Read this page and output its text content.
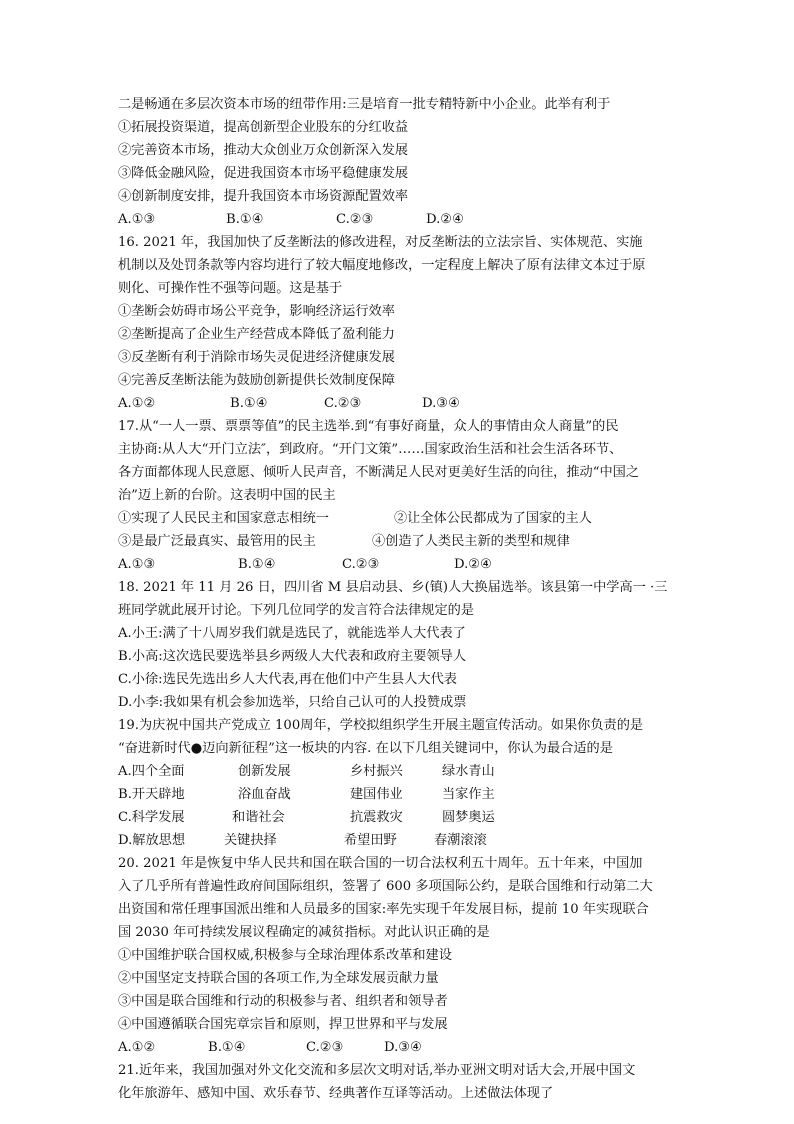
二是畅通在多层次资本市场的纽带作用:三是培育一批专精特新中小企业。此举有利于
①拓展投资渠道，提高创新型企业股东的分红收益
②完善资本市场，推动大众创业万众创新深入发展
③降低金融风险，促进我国资本市场平稳健康发展
④创新制度安排，提升我国资本市场资源配置效率
A.①③	B.①④	C.②③	D.②④
16. 2021 年，我国加快了反垄断法的修改进程，对反垄断法的立法宗旨、实体规范、实施
机制以及处罚条款等内容均进行了较大幅度地修改，一定程度上解决了原有法律文本过于原
则化、可操作性不强等问题。这是基于
①垄断会妨碍市场公平竞争，影响经济运行效率
②垄断提高了企业生产经营成本降低了盈利能力
③反垄断有利于消除市场失灵促进经济健康发展
④完善反垄断法能为鼓励创新提供长效制度保障
A.①②	B.①④	C.②③	D.③④
17.从“一人一票、票票等值”的民主选举.到“有事好商量，众人的事情由众人商量”的民
主协商:从人大“开门立法″，到政府。“开门文策”……国家政治生活和社会生活各环节、
各方面都体现人民意愿、倾听人民声音，不断满足人民对更美好生活的向往，推动“中国之
治”迈上新的台阶。这表明中国的民主
①实现了人民民主和国家意志相统一	②让全体公民都成为了国家的主人
③是最广泛最真实、最管用的民主	④创造了人类民主新的类型和规律
A.①③	B.①④	C.②③	D.②④
18. 2021 年 11 月 26 日，四川省 M 县启动县、乡(镇)人大换届选举。该县第一中学高一 ·三
班同学就此展开讨论。下列几位同学的发言符合法律规定的是
A.小王:满了十八周岁我们就是选民了，就能选举人大代表了
B.小高:这次选民要选举县乡两级人大代表和政府主要领导人
C.小徐:选民先选出乡人大代表,再在他们中产生县人大代表
D.小李:我如果有机会参加选举，只给自己认可的人投赞成票
19.为庆祝中国共产党成立 100周年，学校拟组织学生开展主题宣传活动。如果你负责的是
“奋进新时代●迈向新征程”这一板块的内容. 在以下几组关键词中，你认为最合适的是
A.四个全面	创新发展	乡村振兴	绿水青山
B.开天辟地	浴血奋战	建国伟业	当家作主
C.科学发展	和谐社会	抗震救灾	圆梦奥运
D.解放思想	关键抉择	希望田野	春潮滚滚
20. 2021 年是恢复中华人民共和国在联合国的一切合法权利五十周年。五十年来，中国加
入了几乎所有普遍性政府间国际组织，签署了 600 多项国际公约，是联合国维和行动第二大
出资国和常任理事国派出维和人员最多的国家:率先实现千年发展目标，提前 10 年实现联合
国 2030 年可持续发展议程确定的减贫指标。对此认识正确的是
①中国维护联合国权威,积极参与全球治理体系改革和建设
②中国坚定支持联合国的各项工作,为全球发展贡献力量
③中国是联合国维和行动的积极参与者、组织者和领导者
④中国遵循联合国宪章宗旨和原则，捍卫世界和平与发展
A.①②	B.①④	C.②③	D.③④
21.近年来，我国加强对外文化交流和多层次文明对话,举办亚洲文明对话大会,开展中国文
化年旅游年、感知中国、欢乐春节、经典著作互译等活动。上述做法体现了
